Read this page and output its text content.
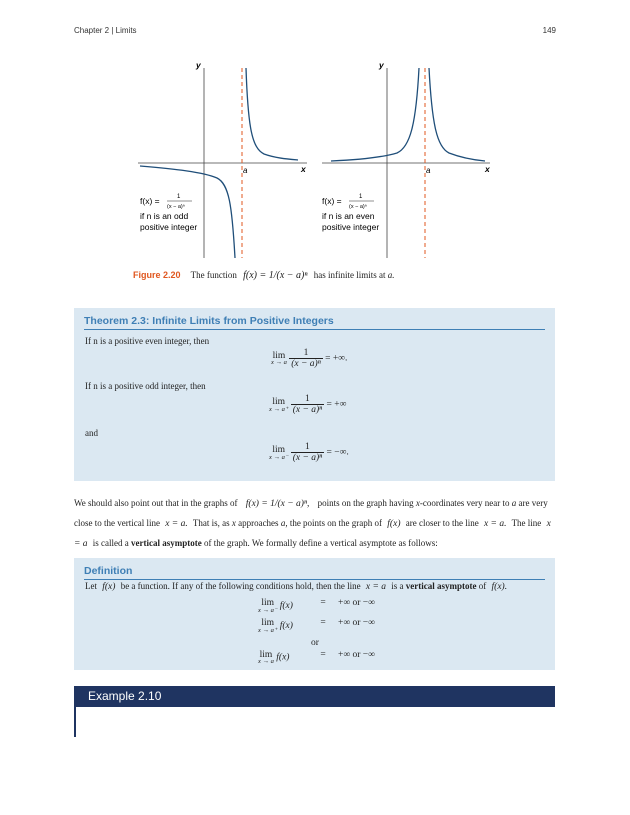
Chapter 2 | Limits	149
y
x
a
f(x) =	1
(x − a)ⁿ
if n is an odd
positive integer
y
x
a
f(x) =	1
(x − a)ⁿ
if n is an even
positive integer
Figure 2.20 The function f(x) = 1/(x − a)ⁿ has infinite limits at a.
Theorem 2.3: Infinite Limits from Positive Integers
If n is a positive even integer, then
lim
x → a
$\frac{1}{\text{(x − a)ⁿ}}$ = +∞.
If n is a positive odd integer, then
lim
x → a⁺
$\frac{1}{\text{(x − a)ⁿ}}$ = +∞
and
lim
x → a⁻
$\frac{1}{\text{(x − a)ⁿ}}$ = −∞.
We should also point out that in the graphs of f(x) = 1/(x − a)ⁿ, points on the graph having x-coordinates very near to a are very close to the vertical line x = a. That is, as x approaches a, the points on the graph of f(x) are closer to the line x = a. The line x = a is called a vertical asymptote of the graph. We formally define a vertical asymptote as follows:
Definition
Let f(x) be a function. If any of the following conditions hold, then the line x = a is a vertical asymptote of f(x).
lim
x → a⁻ f(x)	= +∞ or −∞
lim
x → a⁺ f(x)	= +∞ or −∞
or
lim
x → a f(x)	= +∞ or −∞
Example 2.10
